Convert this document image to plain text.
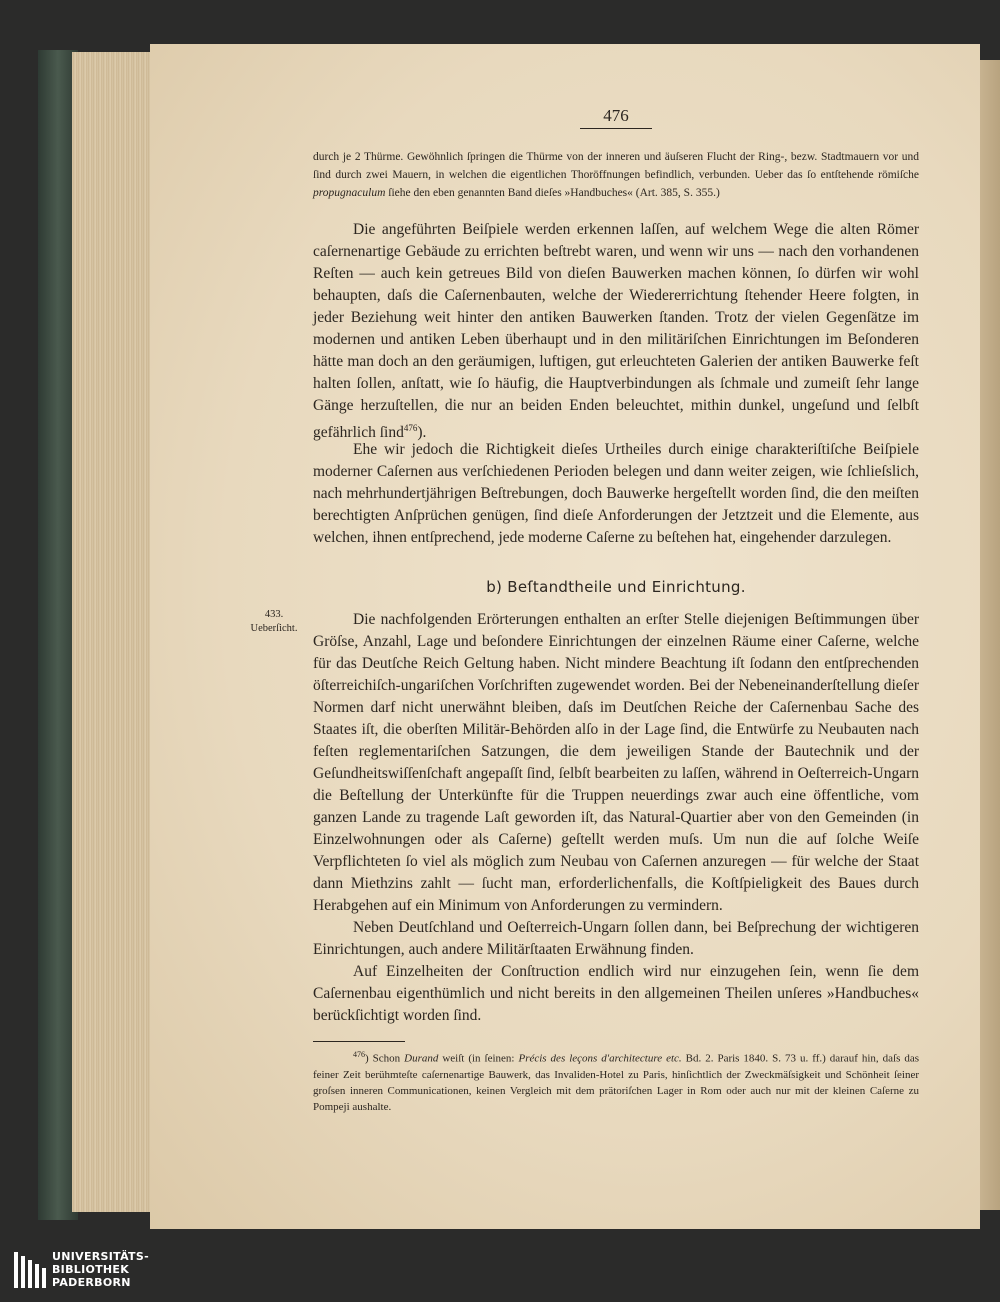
476
durch je 2 Thürme. Gewöhnlich ſpringen die Thürme von der inneren und äuſseren Flucht der Ring-, bezw. Stadtmauern vor und ſind durch zwei Mauern, in welchen die eigentlichen Thoröffnungen befindlich, verbunden. Ueber das ſo entſtehende römiſche propugnaculum ſiehe den eben genannten Band dieſes »Handbuches« (Art. 385, S. 355.)

Die angeführten Beiſpiele werden erkennen laſſen, auf welchem Wege die alten Römer caſernenartige Gebäude zu errichten beſtrebt waren, und wenn wir uns — nach den vorhandenen Reſten — auch kein getreues Bild von dieſen Bauwerken machen können, ſo dürfen wir wohl behaupten, daſs die Caſernenbauten, welche der Wiedererrichtung ſtehender Heere folgten, in jeder Beziehung weit hinter den antiken Bauwerken ſtanden. Trotz der vielen Gegenſätze im modernen und antiken Leben überhaupt und in den militäriſchen Einrichtungen im Beſonderen hätte man doch an den geräumigen, luftigen, gut erleuchteten Galerien der antiken Bauwerke feſt halten ſollen, anſtatt, wie ſo häufig, die Hauptverbindungen als ſchmale und zumeiſt ſehr lange Gänge herzuſtellen, die nur an beiden Enden beleuchtet, mithin dunkel, ungeſund und ſelbſt gefährlich ſind$^{476}$).

Ehe wir jedoch die Richtigkeit dieſes Urtheiles durch einige charakteriſtiſche Beiſpiele moderner Caſernen aus verſchiedenen Perioden belegen und dann weiter zeigen, wie ſchlieſslich, nach mehrhundertjährigen Beſtrebungen, doch Bauwerke hergeſtellt worden ſind, die den meiſten berechtigten Anſprüchen genügen, ſind dieſe Anforderungen der Jetztzeit und die Elemente, aus welchen, ihnen entſprechend, jede moderne Caſerne zu beſtehen hat, eingehender darzulegen.

b) Beſtandtheile und Einrichtung.
433.
Ueberſicht.

Die nachfolgenden Erörterungen enthalten an erſter Stelle diejenigen Beſtimmungen über Gröſse, Anzahl, Lage und beſondere Einrichtungen der einzelnen Räume einer Caſerne, welche für das Deutſche Reich Geltung haben. Nicht mindere Beachtung iſt ſodann den entſprechenden öſterreichiſch-ungariſchen Vorſchriften zugewendet worden. Bei der Nebeneinanderſtellung dieſer Normen darf nicht unerwähnt bleiben, daſs im Deutſchen Reiche der Caſernenbau Sache des Staates iſt, die oberſten Militär-Behörden alſo in der Lage ſind, die Entwürfe zu Neubauten nach feſten reglementariſchen Satzungen, die dem jeweiligen Stande der Bautechnik und der Geſundheitswiſſenſchaft angepaſſt ſind, ſelbſt bearbeiten zu laſſen, während in Oeſterreich-Ungarn die Beſtellung der Unterkünfte für die Truppen neuerdings zwar auch eine öffentliche, vom ganzen Lande zu tragende Laſt geworden iſt, das Natural-Quartier aber von den Gemeinden (in Einzelwohnungen oder als Caſerne) geſtellt werden muſs. Um nun die auf ſolche Weiſe Verpflichteten ſo viel als möglich zum Neubau von Caſernen anzuregen — für welche der Staat dann Miethzins zahlt — ſucht man, erforderlichenfalls, die Koſtſpieligkeit des Baues durch Herabgehen auf ein Minimum von Anforderungen zu vermindern.

Neben Deutſchland und Oeſterreich-Ungarn ſollen dann, bei Beſprechung der wichtigeren Einrichtungen, auch andere Militärſtaaten Erwähnung finden.

Auf Einzelheiten der Conſtruction endlich wird nur einzugehen ſein, wenn ſie dem Caſernenbau eigenthümlich und nicht bereits in den allgemeinen Theilen unſeres »Handbuches« berückſichtigt worden ſind.

$^{476}$) Schon Durand weiſt (in ſeinen: Précis des leçons d'architecture etc. Bd. 2. Paris 1840. S. 73 u. ff.) darauf hin, daſs das feiner Zeit berühmteſte caſernenartige Bauwerk, das Invaliden-Hotel zu Paris, hinſichtlich der Zweckmäſsigkeit und Schönheit ſeiner groſsen inneren Communicationen, keinen Vergleich mit dem prätoriſchen Lager in Rom oder auch nur mit der kleinen Caſerne zu Pompeji aushalte.

UNIVERSITÄTS-
BIBLIOTHEK
PADERBORN
